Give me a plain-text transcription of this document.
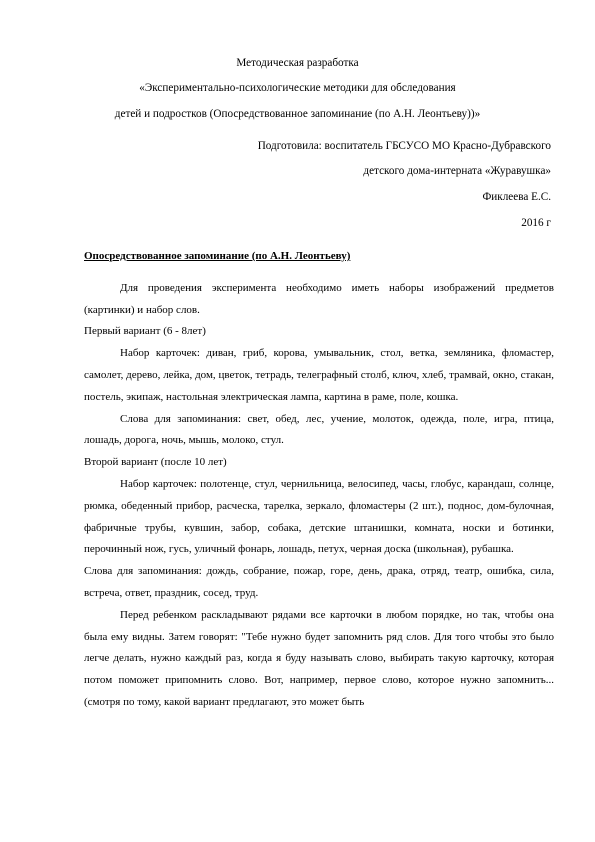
Методическая разработка
«Экспериментально-психологические методики для обследования
детей и подростков (Опосредствованное запоминание (по А.Н. Леонтьеву))»
Подготовила: воспитатель ГБСУСО МО Красно-Дубравского
детского дома-интерната «Журавушка»
Фиклеева Е.С.
2016 г

Опосредствованное запоминание (по А.Н. Леонтьеву)

Для проведения эксперимента необходимо иметь наборы изображений предметов (картинки) и набор слов.

Первый вариант (6 - 8лет)

Набор карточек: диван, гриб, корова, умывальник, стол, ветка, земляника, фломастер, самолет, дерево, лейка, дом, цветок, тетрадь, телеграфный столб, ключ, хлеб, трамвай, окно, стакан, постель, экипаж, настольная электрическая лампа, картина в раме, поле, кошка.

Слова для запоминания: свет, обед, лес, учение, молоток, одежда, поле, игра, птица, лошадь, дорога, ночь, мышь, молоко, стул.

Второй вариант (после 10 лет)

Набор карточек: полотенце, стул, чернильница, велосипед, часы, глобус, карандаш, солнце, рюмка, обеденный прибор, расческа, тарелка, зеркало, фломастеры (2 шт.), поднос, дом-булочная, фабричные трубы, кувшин, забор, собака, детские штанишки, комната, носки и ботинки, перочинный нож, гусь, уличный фонарь, лошадь, петух, черная доска (школьная), рубашка.

Слова для запоминания: дождь, собрание, пожар, горе, день, драка, отряд, театр, ошибка, сила, встреча, ответ, праздник, сосед, труд.

Перед ребенком раскладывают рядами все карточки в любом порядке, но так, чтобы она была ему видны. Затем говорят: "Тебе нужно будет запомнить ряд слов. Для того чтобы это было легче делать, нужно каждый раз, когда я буду называть слово, выбирать такую карточку, которая потом поможет припомнить слово. Вот, например, первое слово, которое нужно запомнить... (смотря по тому, какой вариант предлагают, это может быть
